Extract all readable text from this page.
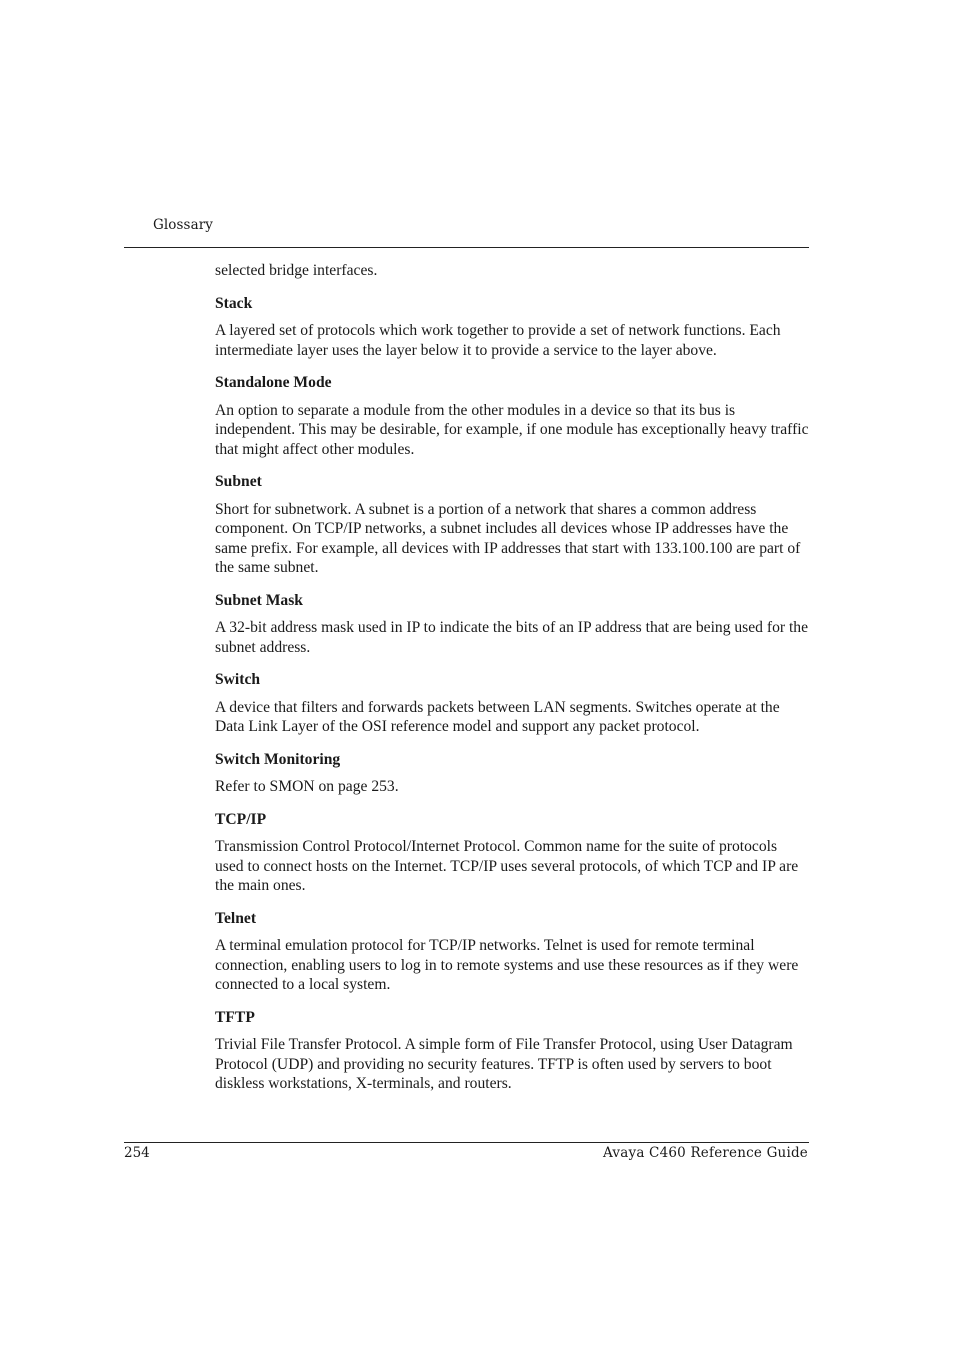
Glossary

selected bridge interfaces.

Stack

A layered set of protocols which work together to provide a set of network functions. Each intermediate layer uses the layer below it to provide a service to the layer above.

Standalone Mode

An option to separate a module from the other modules in a device so that its bus is independent. This may be desirable, for example, if one module has exceptionally heavy traffic that might affect other modules.

Subnet

Short for subnetwork. A subnet is a portion of a network that shares a common address component. On TCP/IP networks, a subnet includes all devices whose IP addresses have the same prefix. For example, all devices with IP addresses that start with 133.100.100 are part of the same subnet.

Subnet Mask

A 32-bit address mask used in IP to indicate the bits of an IP address that are being used for the subnet address.

Switch

A device that filters and forwards packets between LAN segments. Switches operate at the Data Link Layer of the OSI reference model and support any packet protocol.

Switch Monitoring

Refer to SMON on page 253.

TCP/IP

Transmission Control Protocol/Internet Protocol. Common name for the suite of protocols used to connect hosts on the Internet. TCP/IP uses several protocols, of which TCP and IP are the main ones.

Telnet

A terminal emulation protocol for TCP/IP networks. Telnet is used for remote terminal connection, enabling users to log in to remote systems and use these resources as if they were connected to a local system.

TFTP

Trivial File Transfer Protocol. A simple form of File Transfer Protocol, using User Datagram Protocol (UDP) and providing no security features. TFTP is often used by servers to boot diskless workstations, X-terminals, and routers.

254	Avaya C460 Reference Guide
